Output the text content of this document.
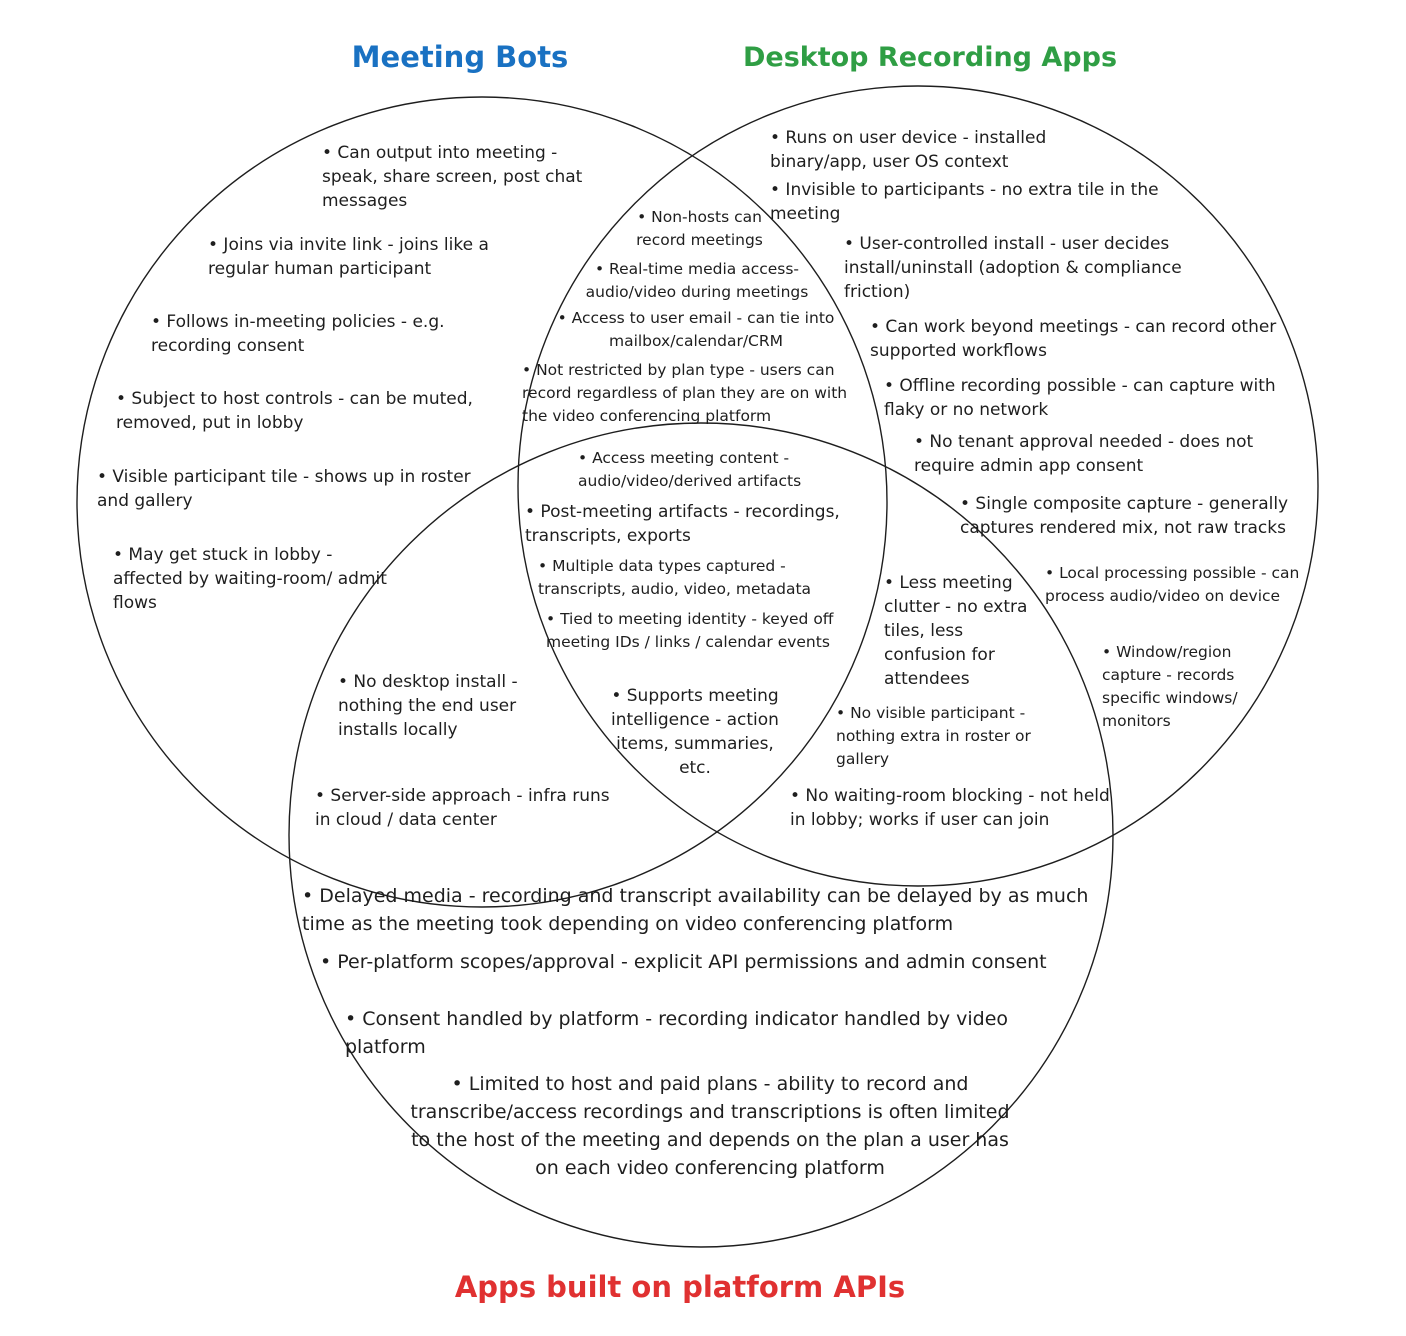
Meeting Bots	Desktop Recording Apps
Apps built on platform APIs
• Can output into meeting - speak, share screen, post chat messages
• Joins via invite link - joins like a regular human participant
• Follows in-meeting policies - e.g. recording consent
• Subject to host controls - can be muted, removed, put in lobby
• Visible participant tile - shows up in roster and gallery
• May get stuck in lobby - affected by waiting-room/ admit flows
• Non-hosts can record meetings
• Real-time media access- audio/video during meetings
• Access to user email - can tie into mailbox/calendar/CRM
• Not restricted by plan type - users can record regardless of plan they are on with the video conferencing platform
• Runs on user device - installed binary/app, user OS context
• Invisible to participants - no extra tile in the meeting
• User-controlled install - user decides install/uninstall (adoption & compliance friction)
• Can work beyond meetings - can record other supported workflows
• Offline recording possible - can capture with flaky or no network
• No tenant approval needed - does not require admin app consent
• Single composite capture - generally captures rendered mix, not raw tracks
• Local processing possible - can process audio/video on device
• Window/region capture - records specific windows/ monitors
• Access meeting content - audio/video/derived artifacts
• Post-meeting artifacts - recordings, transcripts, exports
• Multiple data types captured - transcripts, audio, video, metadata
• Tied to meeting identity - keyed off meeting IDs / links / calendar events
• Supports meeting intelligence - action items, summaries, etc.
• No desktop install - nothing the end user installs locally
• Server-side approach - infra runs in cloud / data center
• Less meeting clutter - no extra tiles, less confusion for attendees
• No visible participant - nothing extra in roster or gallery
• No waiting-room blocking - not held in lobby; works if user can join
• Delayed media - recording and transcript availability can be delayed by as much time as the meeting took depending on video conferencing platform
• Per-platform scopes/approval - explicit API permissions and admin consent
• Consent handled by platform - recording indicator handled by video platform
• Limited to host and paid plans - ability to record and transcribe/access recordings and transcriptions is often limited to the host of the meeting and depends on the plan a user has on each video conferencing platform
